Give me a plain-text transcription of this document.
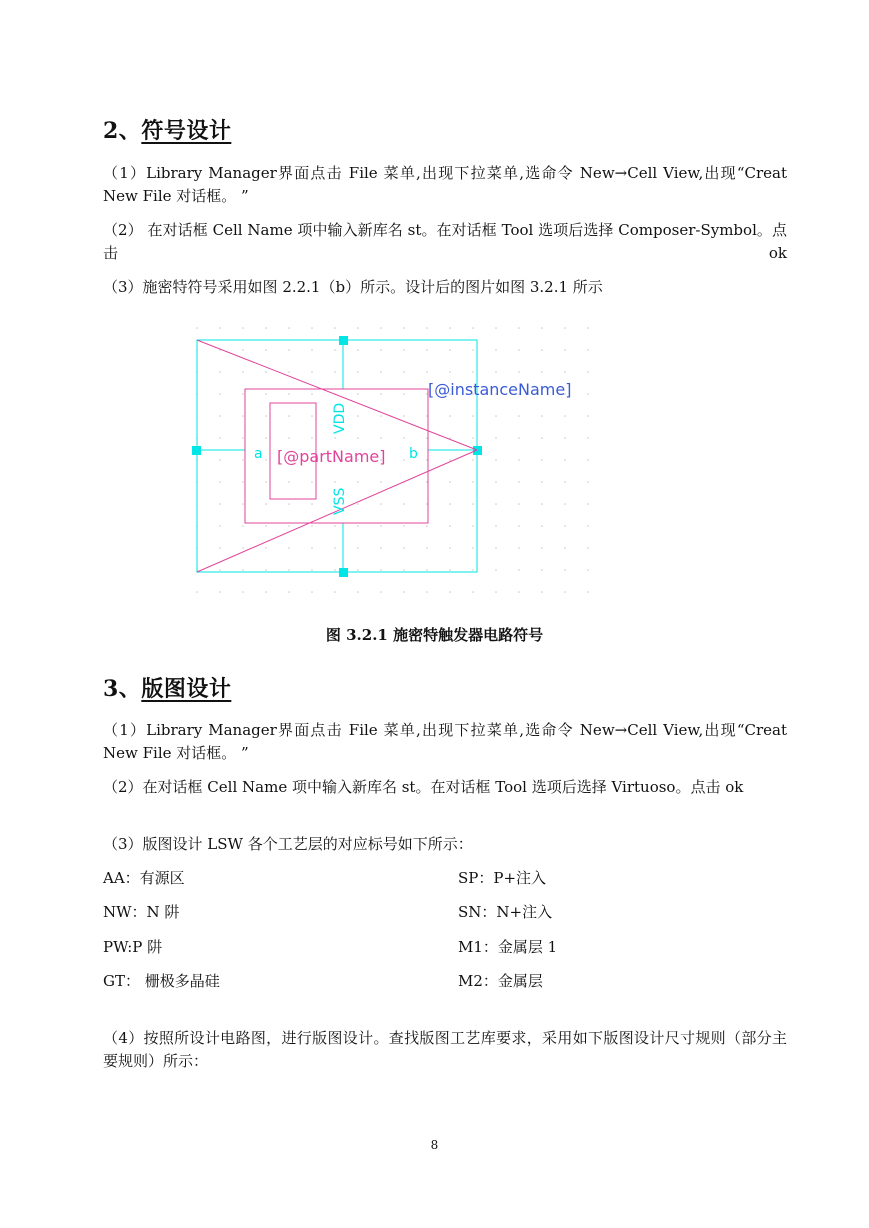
2、符号设计

（1）Library Manager界面点击 File 菜单,出现下拉菜单,选命令 New→Cell View,出现“Creat New File 对话框。 ”

（2） 在对话框 Cell Name 项中输入新库名 st。在对话框 Tool 选项后选择 Composer-Symbol。点击 ok

（3）施密特符号采用如图 2.2.1（b）所示。设计后的图片如图 3.2.1 所示

[@instanceName]
[@partName]
a	b
VDD
VSS
图 3.2.1 施密特触发器电路符号
3、版图设计

（1）Library Manager界面点击 File 菜单,出现下拉菜单,选命令 New→Cell View,出现“Creat New File 对话框。 ”

（2）在对话框 Cell Name 项中输入新库名 st。在对话框 Tool 选项后选择 Virtuoso。点击 ok

（3）版图设计 LSW 各个工艺层的对应标号如下所示：

AA：有源区	SP：P+注入
NW：N 阱	SN：N+注入
PW:P 阱	M1：金属层 1
GT： 栅极多晶硅	M2：金属层

（4）按照所设计电路图，进行版图设计。查找版图工艺库要求，采用如下版图设计尺寸规则（部分主要规则）所示：

8
